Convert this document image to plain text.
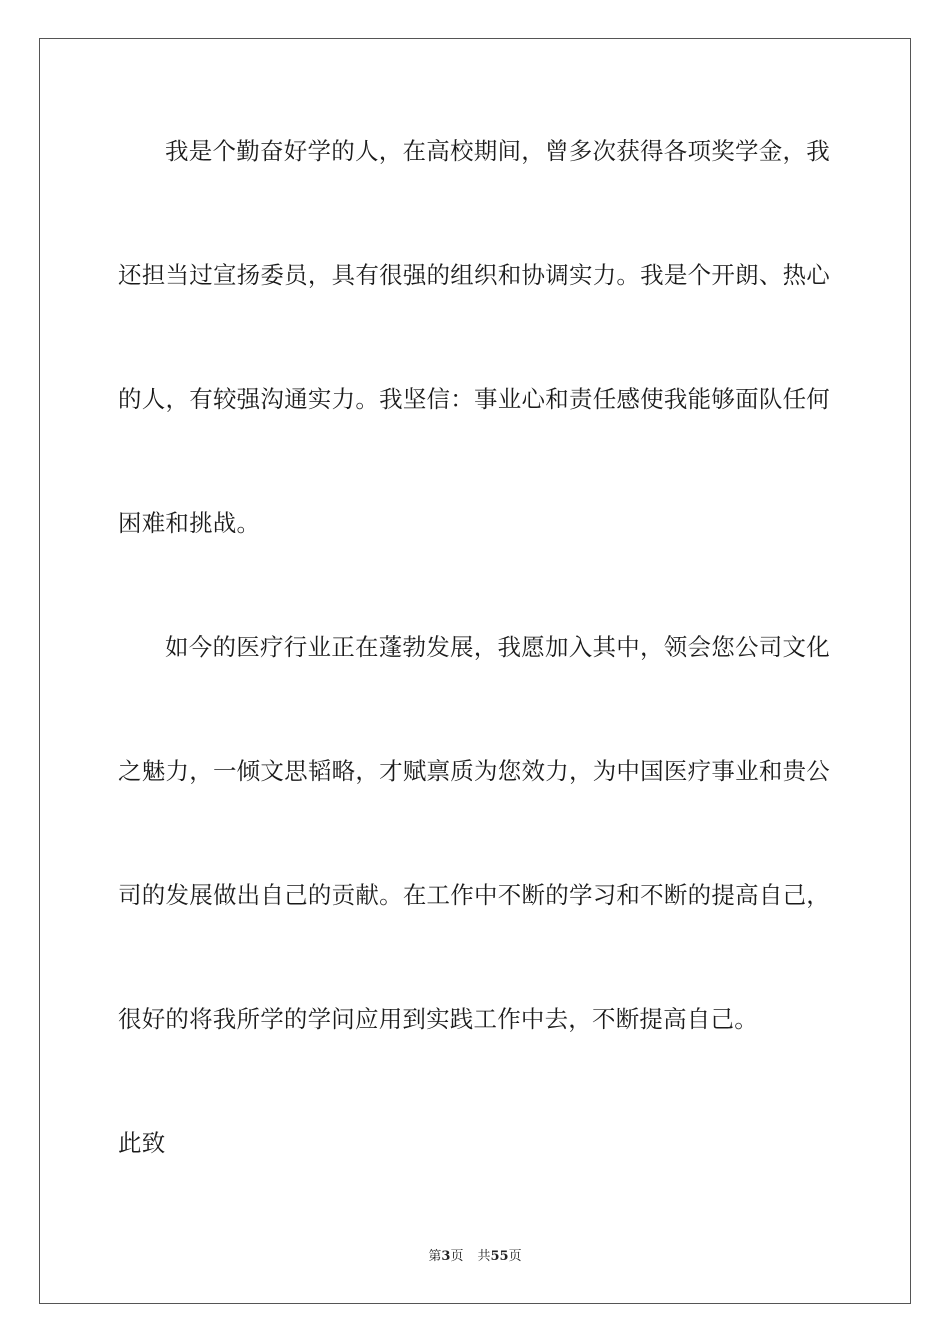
我是个勤奋好学的人，在高校期间，曾多次获得各项奖学金，我
还担当过宣扬委员，具有很强的组织和协调实力。我是个开朗、热心
的人，有较强沟通实力。我坚信：事业心和责任感使我能够面队任何
困难和挑战。
如今的医疗行业正在蓬勃发展，我愿加入其中，领会您公司文化
之魅力，一倾文思韬略，才赋禀质为您效力，为中国医疗事业和贵公
司的发展做出自己的贡献。在工作中不断的学习和不断的提高自己，
很好的将我所学的学问应用到实践工作中去，不断提高自己。
此致
第3页 共55页
